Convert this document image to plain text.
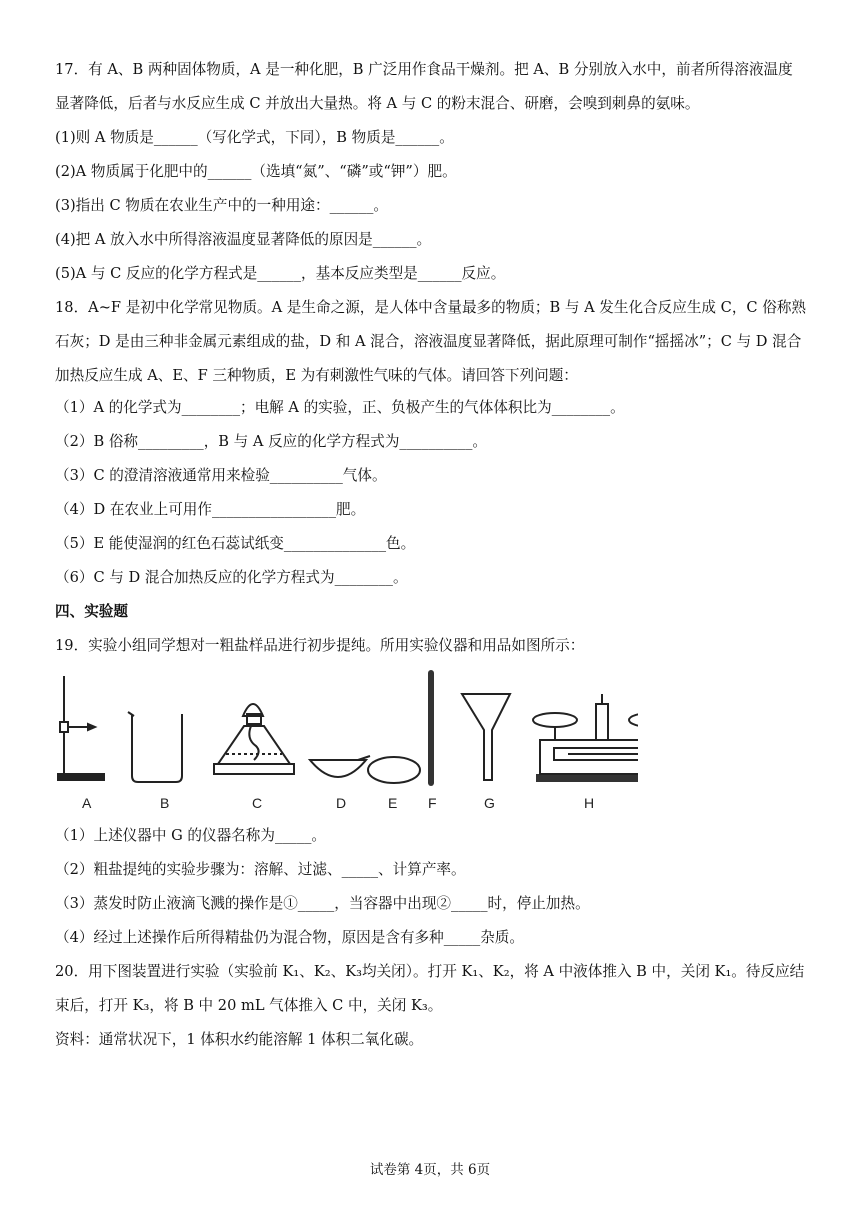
17．有 A、B 两种固体物质，A 是一种化肥，B 广泛用作食品干燥剂。把 A、B 分别放入水中，前者所得溶液温度
显著降低，后者与水反应生成 C 并放出大量热。将 A 与 C 的粉末混合、研磨，会嗅到刺鼻的氨味。
(1)则 A 物质是______（写化学式，下同），B 物质是______。
(2)A 物质属于化肥中的______（选填“氮”、“磷”或“钾”）肥。
(3)指出 C 物质在农业生产中的一种用途：______。
(4)把 A 放入水中所得溶液温度显著降低的原因是______。
(5)A 与 C 反应的化学方程式是______，基本反应类型是______反应。
18．A~F 是初中化学常见物质。A 是生命之源，是人体中含量最多的物质；B 与 A 发生化合反应生成 C，C 俗称熟
石灰；D 是由三种非金属元素组成的盐，D 和 A 混合，溶液温度显著降低，据此原理可制作“摇摇冰”；C 与 D 混合
加热反应生成 A、E、F 三种物质，E 为有刺激性气味的气体。请回答下列问题：
（1）A 的化学式为________；电解 A 的实验，正、负极产生的气体体积比为________。
（2）B 俗称_________，B 与 A 反应的化学方程式为__________。
（3）C 的澄清溶液通常用来检验__________气体。
（4）D 在农业上可用作_________________肥。
（5）E 能使湿润的红色石蕊试纸变______________色。
（6）C 与 D 混合加热反应的化学方程式为________。
四、实验题
19．实验小组同学想对一粗盐样品进行初步提纯。所用实验仪器和用品如图所示：
A	B	C	D	E F	G	H
（1）上述仪器中 G 的仪器名称为_____。
（2）粗盐提纯的实验步骤为：溶解、过滤、_____、计算产率。
（3）蒸发时防止液滴飞溅的操作是①_____，当容器中出现②_____时，停止加热。
（4）经过上述操作后所得精盐仍为混合物，原因是含有多种_____杂质。
20．用下图装置进行实验（实验前 K₁、K₂、K₃均关闭）。打开 K₁、K₂，将 A 中液体推入 B 中，关闭 K₁。待反应结
束后，打开 K₃，将 B 中 20 mL 气体推入 C 中，关闭 K₃。
资料：通常状况下，1 体积水约能溶解 1 体积二氧化碳。
试卷第 4页，共 6页
